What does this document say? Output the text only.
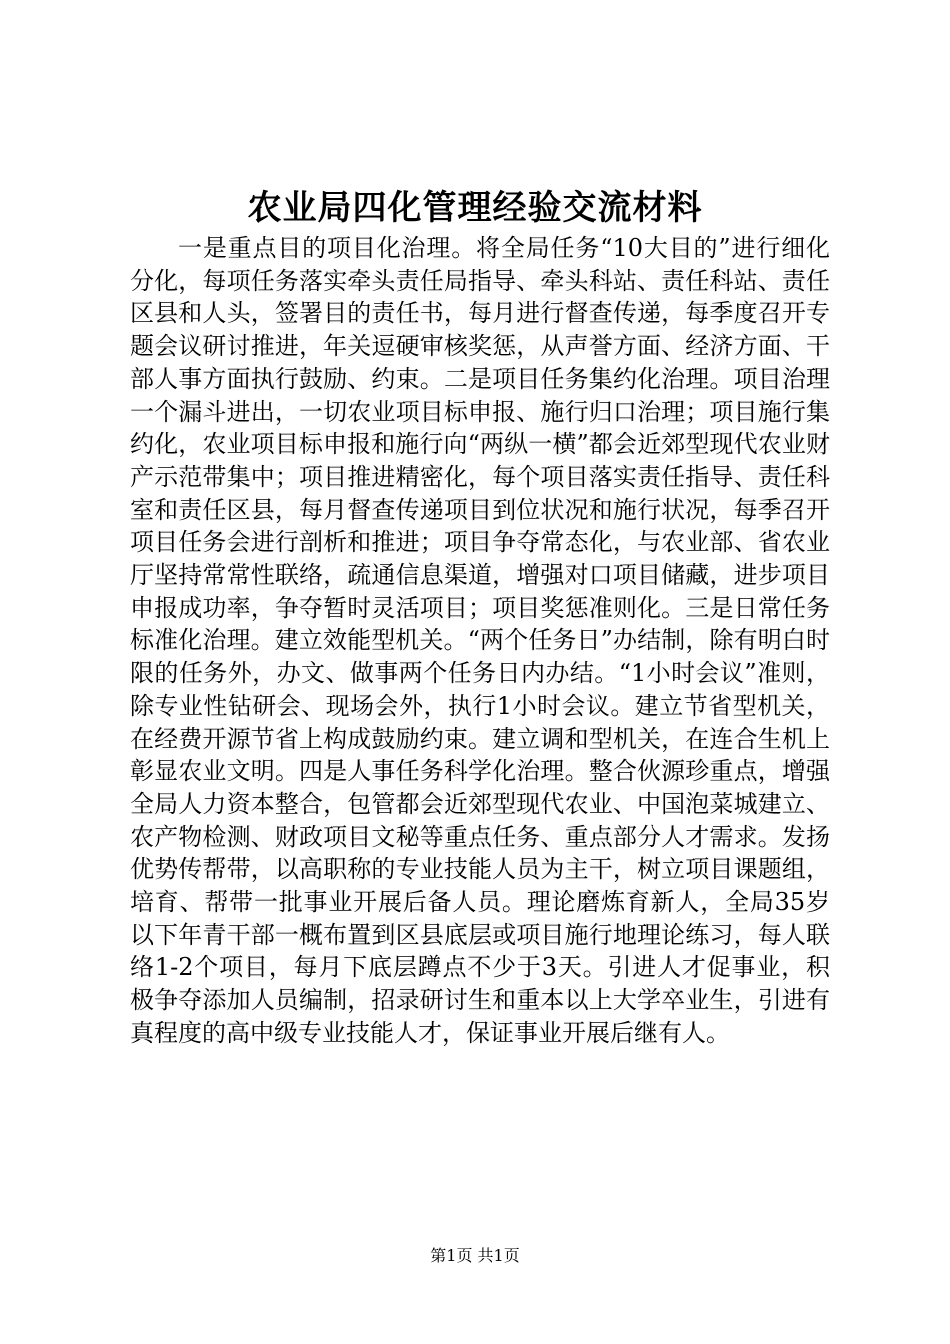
农业局四化管理经验交流材料

一是重点目的项目化治理。将全局任务“10大目的”进行细化分化，每项任务落实牵头责任局指导、牵头科站、责任科站、责任区县和人头，签署目的责任书，每月进行督查传递，每季度召开专题会议研讨推进，年关逗硬审核奖惩，从声誉方面、经济方面、干部人事方面执行鼓励、约束。二是项目任务集约化治理。项目治理一个漏斗进出，一切农业项目标申报、施行归口治理；项目施行集约化，农业项目标申报和施行向“两纵一横”都会近郊型现代农业财产示范带集中；项目推进精密化，每个项目落实责任指导、责任科室和责任区县，每月督查传递项目到位状况和施行状况，每季召开项目任务会进行剖析和推进；项目争夺常态化，与农业部、省农业厅坚持常常性联络，疏通信息渠道，增强对口项目储藏，进步项目申报成功率，争夺暂时灵活项目；项目奖惩准则化。三是日常任务标准化治理。建立效能型机关。“两个任务日”办结制，除有明白时限的任务外，办文、做事两个任务日内办结。“1小时会议”准则，除专业性钻研会、现场会外，执行1小时会议。建立节省型机关，在经费开源节省上构成鼓励约束。建立调和型机关，在连合生机上彰显农业文明。四是人事任务科学化治理。整合伙源珍重点，增强全局人力资本整合，包管都会近郊型现代农业、中国泡菜城建立、农产物检测、财政项目文秘等重点任务、重点部分人才需求。发扬优势传帮带，以高职称的专业技能人员为主干，树立项目课题组，培育、帮带一批事业开展后备人员。理论磨炼育新人，全局35岁以下年青干部一概布置到区县底层或项目施行地理论练习，每人联络1-2个项目，每月下底层蹲点不少于3天。引进人才促事业，积极争夺添加人员编制，招录研讨生和重本以上大学卒业生，引进有真程度的高中级专业技能人才，保证事业开展后继有人。

第1页 共1页
